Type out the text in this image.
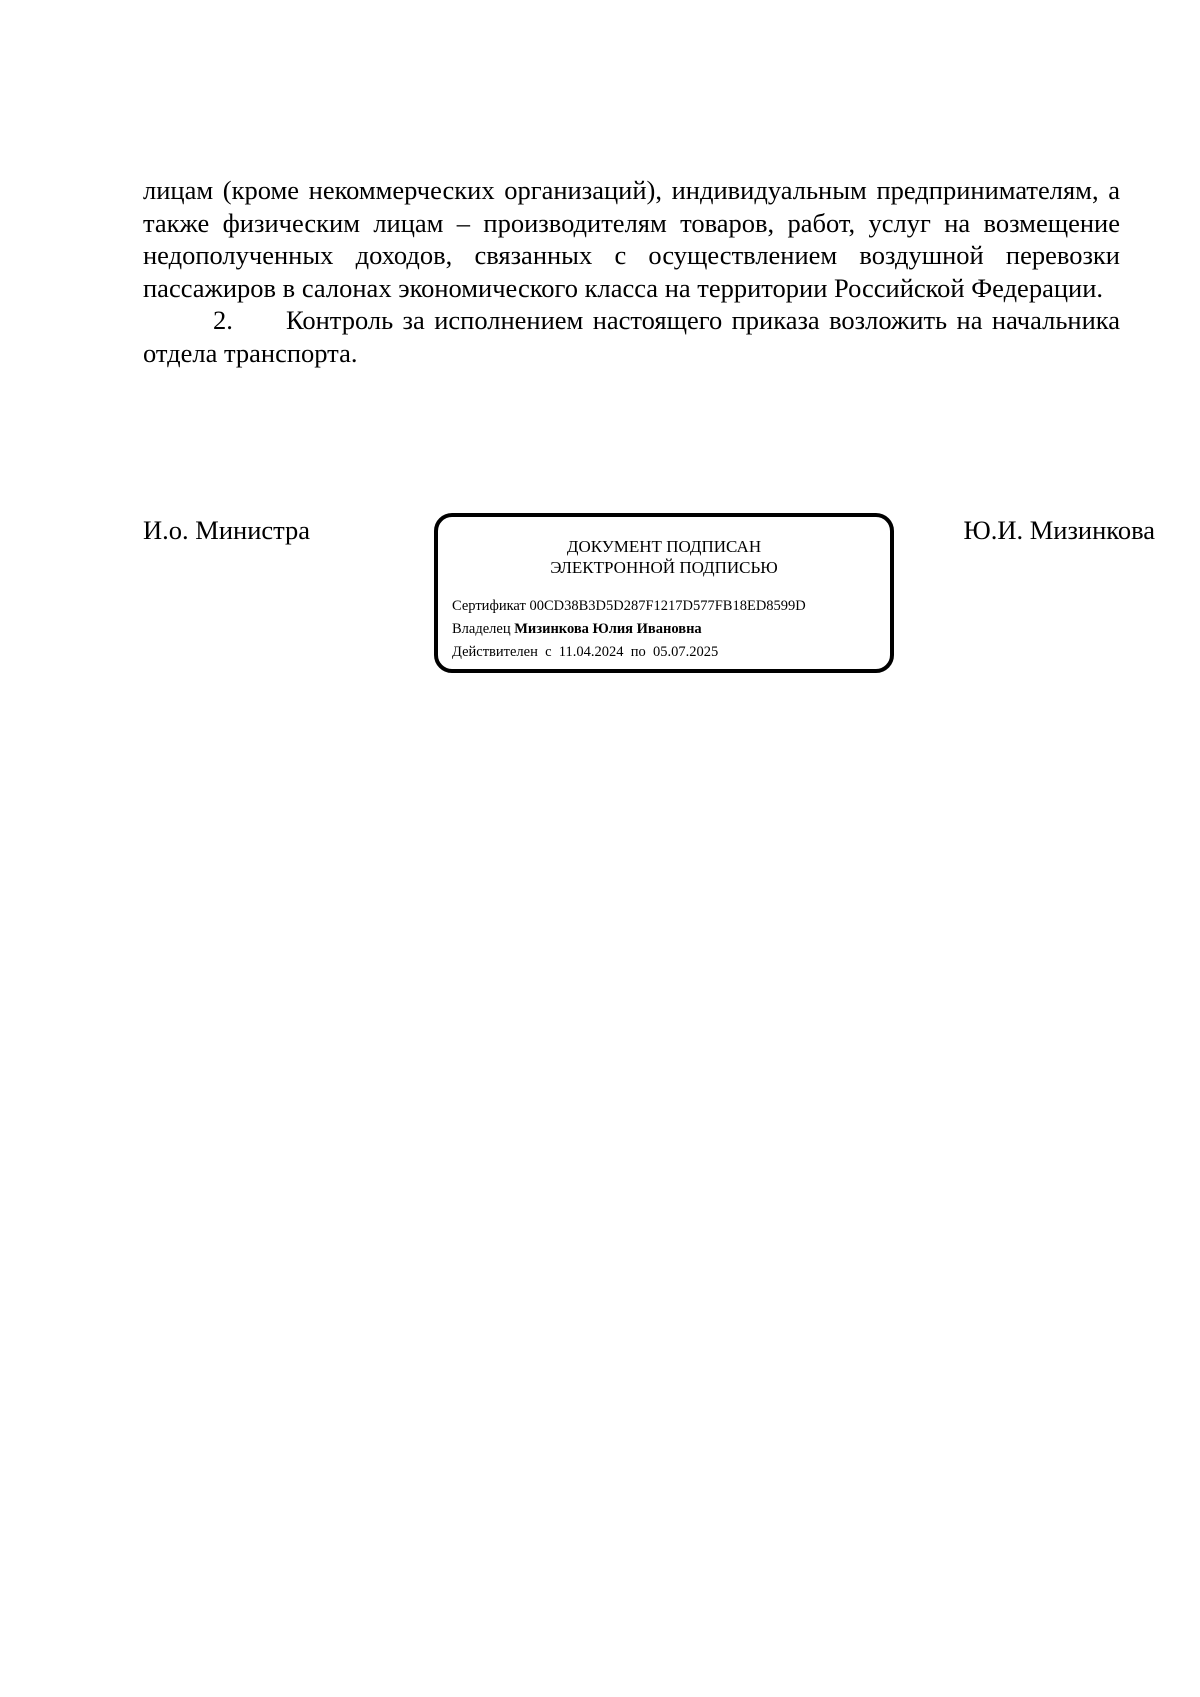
лицам (кроме некоммерческих организаций), индивидуальным предпринимателям, а также физическим лицам – производителям товаров, работ, услуг на возмещение недополученных доходов, связанных с осуществлением воздушной перевозки пассажиров в салонах экономического класса на территории Российской Федерации.

2. Контроль за исполнением настоящего приказа возложить на начальника отдела транспорта.

И.о. Министра
ДОКУМЕНТ ПОДПИСАН
ЭЛЕКТРОННОЙ ПОДПИСЬЮ
Сертификат 00CD38B3D5D287F1217D577FB18ED8599D
Владелец Мизинкова Юлия Ивановна
Действителен с 11.04.2024 по 05.07.2025
Ю.И. Мизинкова
